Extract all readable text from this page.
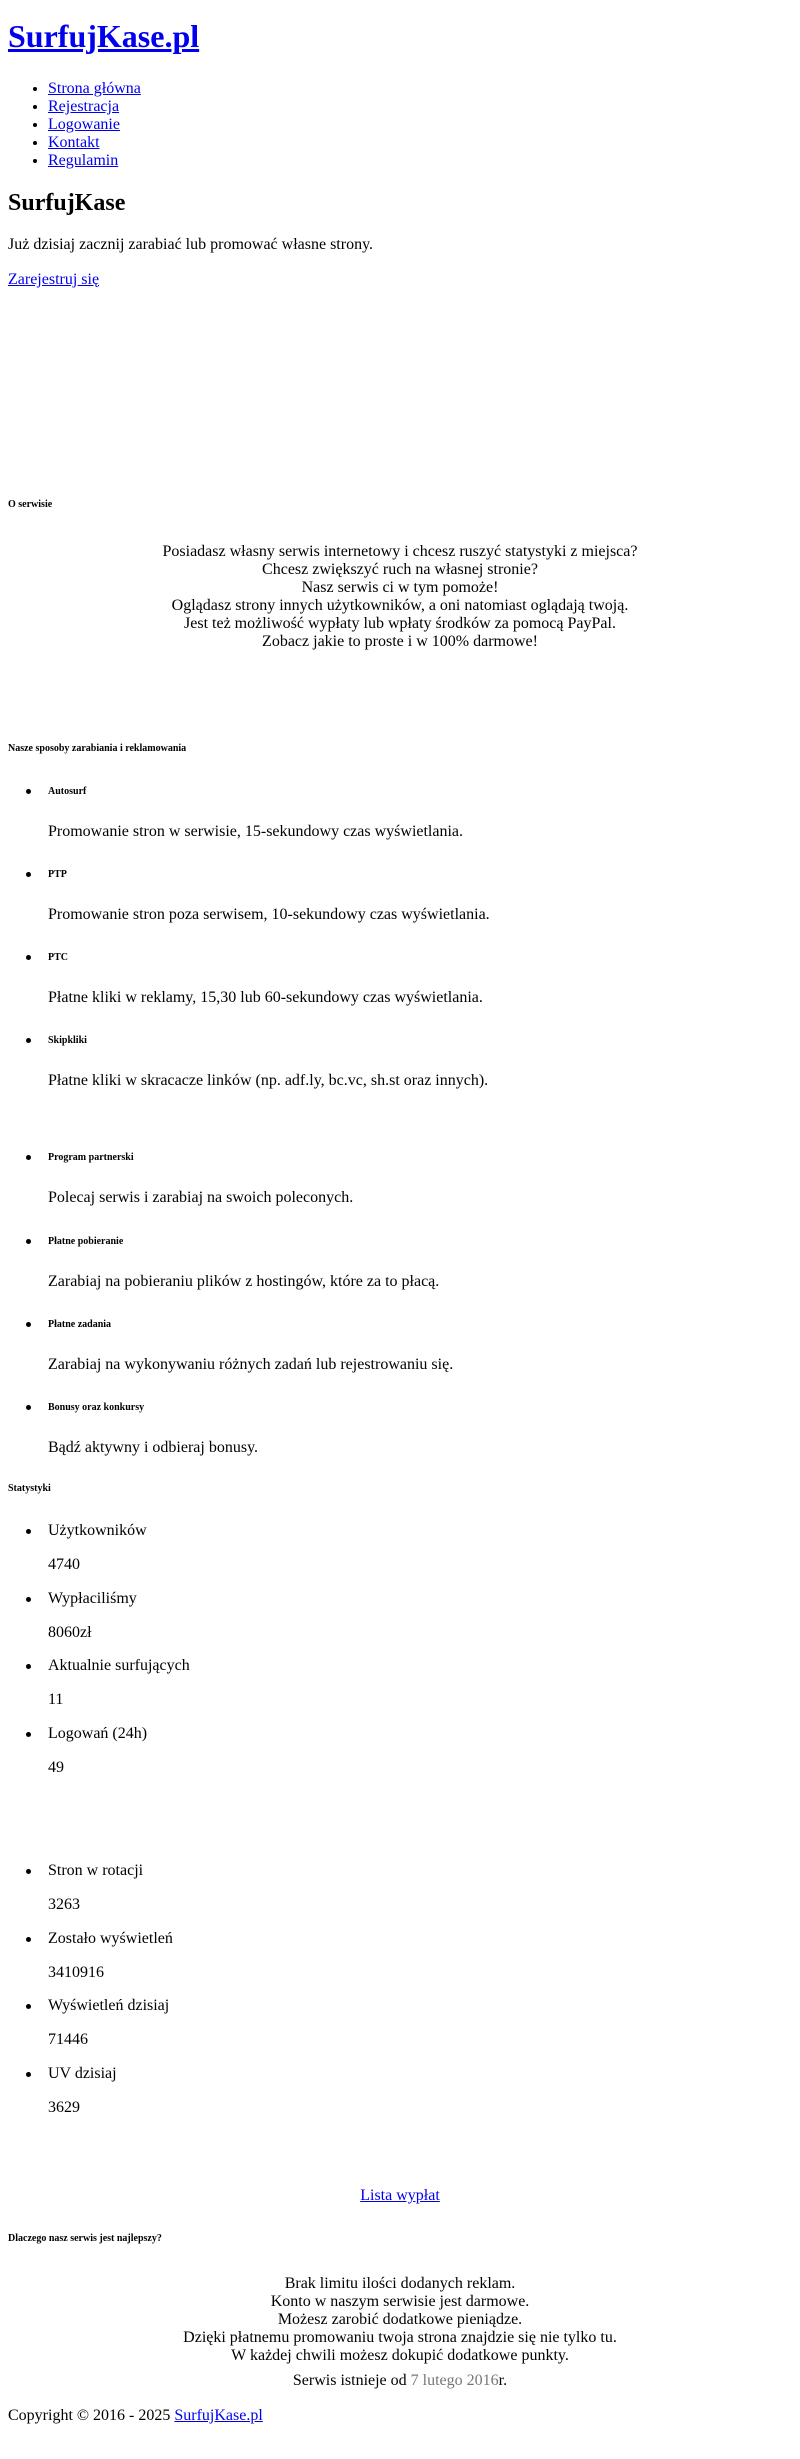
SurfujKase.pl
• Strona główna
• Rejestracja
• Logowanie
• Kontakt
• Regulamin
SurfujKase
Już dzisiaj zacznij zarabiać lub promować własne strony.
Zarejestruj się
O serwisie
Posiadasz własny serwis internetowy i chcesz ruszyć statystyki z miejsca?
Chcesz zwiększyć ruch na własnej stronie?
Nasz serwis ci w tym pomoże!
Oglądasz strony innych użytkowników, a oni natomiast oglądają twoją.
Jest też możliwość wypłaty lub wpłaty środków za pomocą PayPal.
Zobacz jakie to proste i w 100% darmowe!
Nasze sposoby zarabiania i reklamowania
Autosurf
Promowanie stron w serwisie, 15-sekundowy czas wyświetlania.
PTP
Promowanie stron poza serwisem, 10-sekundowy czas wyświetlania.
PTC
Płatne kliki w reklamy, 15,30 lub 60-sekundowy czas wyświetlania.
Skipkliki
Płatne kliki w skracacze linków (np. adf.ly, bc.vc, sh.st oraz innych).
Program partnerski
Polecaj serwis i zarabiaj na swoich poleconych.
Płatne pobieranie
Zarabiaj na pobieraniu plików z hostingów, które za to płacą.
Płatne zadania
Zarabiaj na wykonywaniu różnych zadań lub rejestrowaniu się.
Bonusy oraz konkursy
Bądź aktywny i odbieraj bonusy.
Statystyki
Użytkowników
4740
Wypłaciliśmy
8060zł
Aktualnie surfujących
11
Logowań (24h)
49
Stron w rotacji
3263
Zostało wyświetleń
3410916
Wyświetleń dzisiaj
71446
UV dzisiaj
3629
Lista wypłat
Dlaczego nasz serwis jest najlepszy?
Brak limitu ilości dodanych reklam.
Konto w naszym serwisie jest darmowe.
Możesz zarobić dodatkowe pieniądze.
Dzięki płatnemu promowaniu twoja strona znajdzie się nie tylko tu.
W każdej chwili możesz dokupić dodatkowe punkty.
Serwis istnieje od 7 lutego 2016r.
Copyright © 2016 - 2025 SurfujKase.pl
